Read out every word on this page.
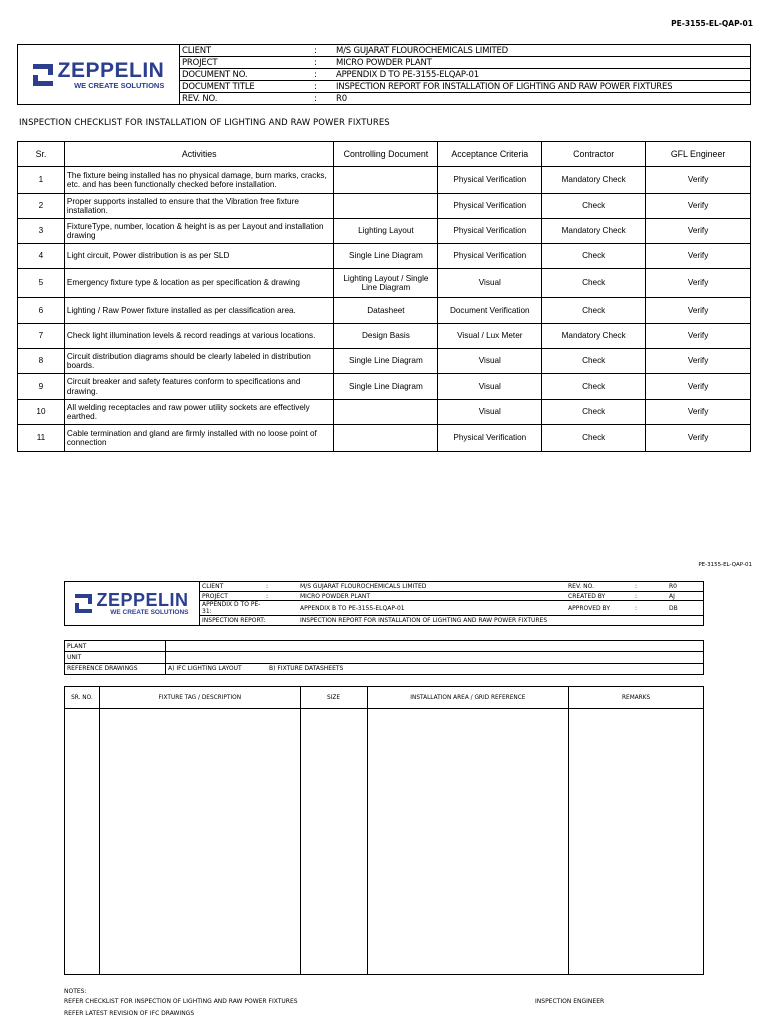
PE-3155-EL-QAP-01
ZEPPELIN
WE CREATE SOLUTIONS
CLIENT	:	M/S GUJARAT FLOUROCHEMICALS LIMITED
PROJECT	:	MICRO POWDER PLANT
DOCUMENT NO.	:	APPENDIX D TO PE-3155-ELQAP-01
DOCUMENT TITLE	:	INSPECTION REPORT FOR INSTALLATION OF LIGHTING AND RAW POWER FIXTURES
REV. NO.	:	R0
INSPECTION CHECKLIST FOR INSTALLATION OF LIGHTING AND RAW POWER FIXTURES
Sr.	Activities	Controlling Document	Acceptance Criteria	Contractor	GFL Engineer
1	The fixture being installed has no physical damage, burn marks, cracks, etc. and has been functionally checked before installation.		Physical Verification	Mandatory Check	Verify
2	Proper supports installed to ensure that the Vibration free fixture installation.		Physical Verification	Check	Verify
3	FixtureType, number, location & height is as per Layout and installation drawing	Lighting Layout	Physical Verification	Mandatory Check	Verify
4	Light circuit, Power distribution is as per SLD	Single Line Diagram	Physical Verification	Check	Verify
5	Emergency fixture type & location as per specification & drawing	Lighting Layout / Single Line Diagram	Visual	Check	Verify
6	Lighting / Raw Power fixture installed as per classification area.	Datasheet	Document Verification	Check	Verify
7	Check light illumination levels & record readings at various locations.	Design Basis	Visual / Lux Meter	Mandatory Check	Verify
8	Circuit distribution diagrams should be clearly labeled in distribution boards.	Single Line Diagram	Visual	Check	Verify
9	Circuit breaker and safety features conform to specifications and drawing.	Single Line Diagram	Visual	Check	Verify
10	All welding receptacles and raw power utility sockets are effectively earthed.		Visual	Check	Verify
11	Cable termination and gland are firmly installed with no loose point of connection		Physical Verification	Check	Verify
PE-3155-EL-QAP-01
ZEPPELIN
WE CREATE SOLUTIONS
CLIENT	:	M/S GUJARAT FLOUROCHEMICALS LIMITED	REV. NO.	:	R0
PROJECT	:	MICRO POWDER PLANT	CREATED BY	:	AJ
APPENDIX D TO PE-31:	APPENDIX B TO PE-3155-ELQAP-01	APPROVED BY	:	DB
INSPECTION REPORT:	INSPECTION REPORT FOR INSTALLATION OF LIGHTING AND RAW POWER FIXTURES
PLANT
UNIT
REFERENCE DRAWINGS	A) IFC LIGHTING LAYOUT	B) FIXTURE DATASHEETS
SR. NO.	FIXTURE TAG / DESCRIPTION	SIZE	INSTALLATION AREA / GRID REFERENCE	REMARKS

NOTES:
REFER CHECKLIST FOR INSPECTION OF LIGHTING AND RAW POWER FIXTURES
REFER LATEST REVISION OF IFC DRAWINGS
INSPECTION ENGINEER
